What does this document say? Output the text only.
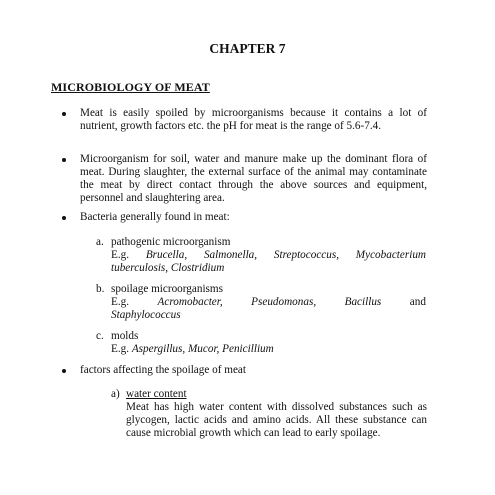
CHAPTER 7
MICROBIOLOGY OF MEAT
Meat is easily spoiled by microorganisms because it contains a lot of nutrient, growth factors etc. the pH for meat is the range of 5.6-7.4.
Microorganism for soil, water and manure make up the dominant flora of meat. During slaughter, the external surface of the animal may contaminate the meat by direct contact through the above sources and equipment, personnel and slaughtering area.
Bacteria generally found in meat:
a. pathogenic microorganism
E.g. Brucella, Salmonella, Streptococcus, Mycobacterium tuberculosis, Clostridium
b. spoilage microorganisms
E.g.	Acromobacter,	Pseudomonas,	Bacillus	and
Staphylococcus
c. molds
E.g. Aspergillus, Mucor, Penicillium
factors affecting the spoilage of meat
a) water content
Meat has high water content with dissolved substances such as glycogen, lactic acids and amino acids. All these substance can cause microbial growth which can lead to early spoilage.
